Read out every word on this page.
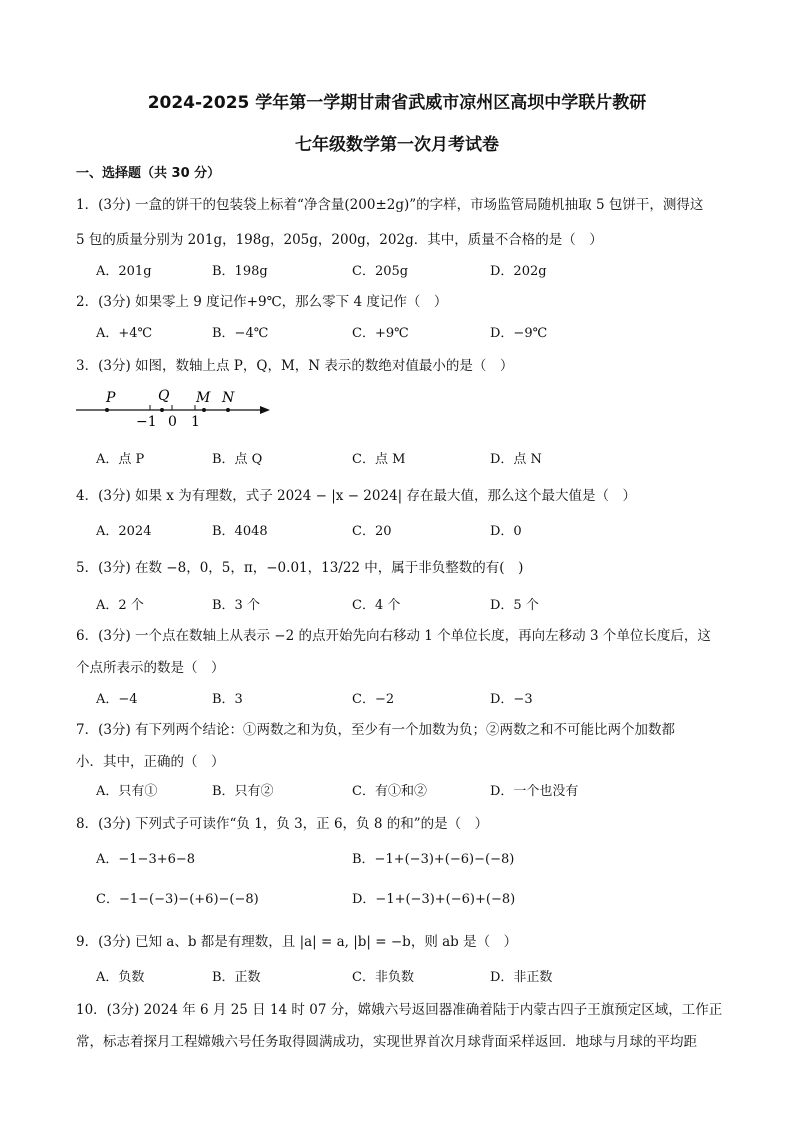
2024-2025 学年第一学期甘肃省武威市凉州区高坝中学联片教研
七年级数学第一次月考试卷
一、选择题（共 30 分）
1．(3分) 一盒的饼干的包装袋上标着“净含量(200±2g)”的字样，市场监管局随机抽取 5 包饼干，测得这
5 包的质量分别为 201g，198g，205g，200g，202g．其中，质量不合格的是（　）
A．201g	B．198g	C．205g	D．202g
2．(3分) 如果零上 9 度记作+9℃，那么零下 4 度记作（　）
A．+4℃	B．−4℃	C．+9℃	D．−9℃
3．(3分) 如图，数轴上点 P，Q，M，N 表示的数绝对值最小的是（　）
P	Q M N
−1 0 1
A．点 P	B．点 Q	C．点 M	D．点 N
4．(3分) 如果 x 为有理数，式子 2024 − |x − 2024| 存在最大值，那么这个最大值是（　）
A．2024	B．4048	C．20	D．0
5．(3分) 在数 −8，0，5，π，−0.01，13/22 中，属于非负整数的有(　)
A．2 个	B．3 个	C．4 个	D．5 个
6．(3分) 一个点在数轴上从表示 −2 的点开始先向右移动 1 个单位长度，再向左移动 3 个单位长度后，这
个点所表示的数是（　）
A．−4	B．3	C．−2	D．−3
7．(3分) 有下列两个结论：①两数之和为负，至少有一个加数为负；②两数之和不可能比两个加数都
小．其中，正确的（　）
A．只有①	B．只有②	C．有①和②	D．一个也没有
8．(3分) 下列式子可读作“负 1，负 3，正 6，负 8 的和”的是（　）
A．−1−3+6−8	B．−1+(−3)+(−6)−(−8)
C．−1−(−3)−(+6)−(−8)	D．−1+(−3)+(−6)+(−8)
9．(3分) 已知 a、b 都是有理数，且 |a| = a, |b| = −b，则 ab 是（　）
A．负数	B．正数	C．非负数	D．非正数
10．(3分) 2024 年 6 月 25 日 14 时 07 分，嫦娥六号返回器准确着陆于内蒙古四子王旗预定区域，工作正
常，标志着探月工程嫦娥六号任务取得圆满成功，实现世界首次月球背面采样返回．地球与月球的平均距
